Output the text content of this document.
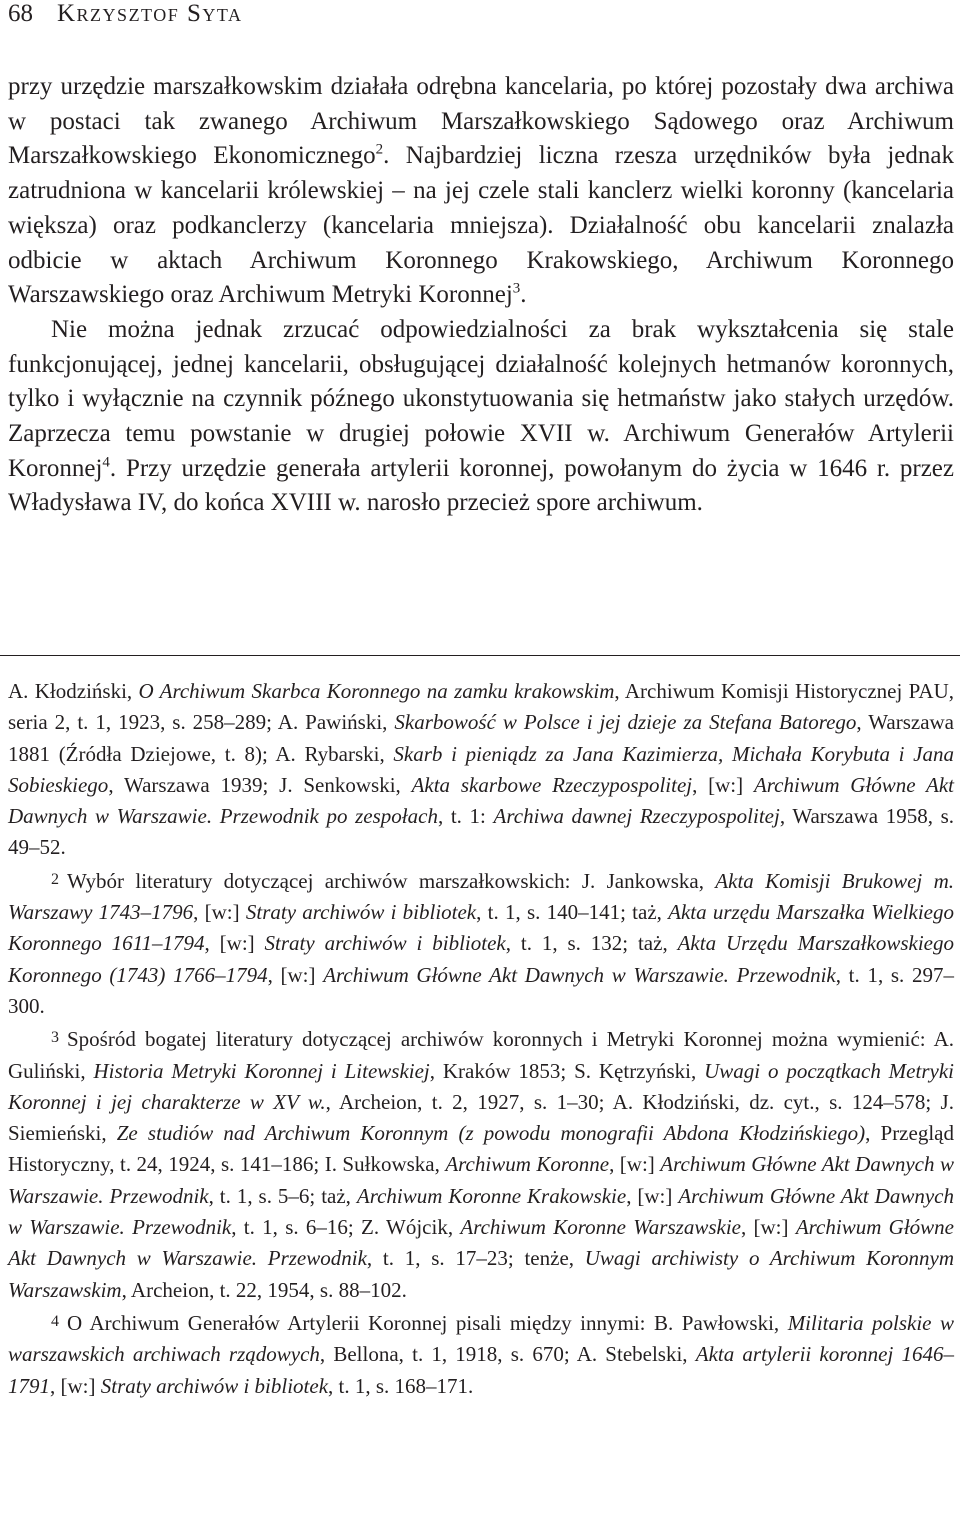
68 Krzysztof Syta

przy urzędzie marszałkowskim działała odrębna kancelaria, po której pozostały dwa archiwa w postaci tak zwanego Archiwum Marszałkowskiego Sądowego oraz Archiwum Marszałkowskiego Ekonomicznego$^2$. Najbardziej liczna rzesza urzędników była jednak zatrudniona w kancelarii królewskiej – na jej czele stali kanclerz wielki koronny (kancelaria większa) oraz podkanclerzy (kancelaria mniejsza). Działalność obu kancelarii znalazła odbicie w aktach Archiwum Koronnego Krakowskiego, Archiwum Koronnego Warszawskiego oraz Archiwum Metryki Koronnej$^3$.

Nie można jednak zrzucać odpowiedzialności za brak wykształcenia się stale funkcjonującej, jednej kancelarii, obsługującej działalność kolejnych hetmanów koronnych, tylko i wyłącznie na czynnik późnego ukonstytuowania się hetmaństw jako stałych urzędów. Zaprzecza temu powstanie w drugiej połowie XVII w. Archiwum Generałów Artylerii Koronnej$^4$. Przy urzędzie generała artylerii koronnej, powołanym do życia w 1646 r. przez Władysława IV, do końca XVIII w. narosło przecież spore archiwum.

A. Kłodziński, O Archiwum Skarbca Koronnego na zamku krakowskim, Archiwum Komisji Historycznej PAU, seria 2, t. 1, 1923, s. 258–289; A. Pawiński, Skarbowość w Polsce i jej dzieje za Stefana Batorego, Warszawa 1881 (Źródła Dziejowe, t. 8); A. Rybarski, Skarb i pieniądz za Jana Kazimierza, Michała Korybuta i Jana Sobieskiego, Warszawa 1939; J. Senkowski, Akta skarbowe Rzeczypospolitej, [w:] Archiwum Główne Akt Dawnych w Warszawie. Przewodnik po zespołach, t. 1: Archiwa dawnej Rzeczypospolitej, Warszawa 1958, s. 49–52.

2 Wybór literatury dotyczącej archiwów marszałkowskich: J. Jankowska, Akta Komisji Brukowej m. Warszawy 1743–1796, [w:] Straty archiwów i bibliotek, t. 1, s. 140–141; taż, Akta urzędu Marszałka Wielkiego Koronnego 1611–1794, [w:] Straty archiwów i bibliotek, t. 1, s. 132; taż, Akta Urzędu Marszałkowskiego Koronnego (1743) 1766–1794, [w:] Archiwum Główne Akt Dawnych w Warszawie. Przewodnik, t. 1, s. 297–300.

3 Spośród bogatej literatury dotyczącej archiwów koronnych i Metryki Koronnej można wymienić: A. Guliński, Historia Metryki Koronnej i Litewskiej, Kraków 1853; S. Kętrzyński, Uwagi o początkach Metryki Koronnej i jej charakterze w XV w., Archeion, t. 2, 1927, s. 1–30; A. Kłodziński, dz. cyt., s. 124–578; J. Siemieński, Ze studiów nad Archiwum Koronnym (z powodu monografii Abdona Kłodzińskiego), Przegląd Historyczny, t. 24, 1924, s. 141–186; I. Sułkowska, Archiwum Koronne, [w:] Archiwum Główne Akt Dawnych w Warszawie. Przewodnik, t. 1, s. 5–6; taż, Archiwum Koronne Krakowskie, [w:] Archiwum Główne Akt Dawnych w Warszawie. Przewodnik, t. 1, s. 6–16; Z. Wójcik, Archiwum Koronne Warszawskie, [w:] Archiwum Główne Akt Dawnych w Warszawie. Przewodnik, t. 1, s. 17–23; tenże, Uwagi archiwisty o Archiwum Koronnym Warszawskim, Archeion, t. 22, 1954, s. 88–102.

4 O Archiwum Generałów Artylerii Koronnej pisali między innymi: B. Pawłowski, Militaria polskie w warszawskich archiwach rządowych, Bellona, t. 1, 1918, s. 670; A. Stebelski, Akta artylerii koronnej 1646–1791, [w:] Straty archiwów i bibliotek, t. 1, s. 168–171.
